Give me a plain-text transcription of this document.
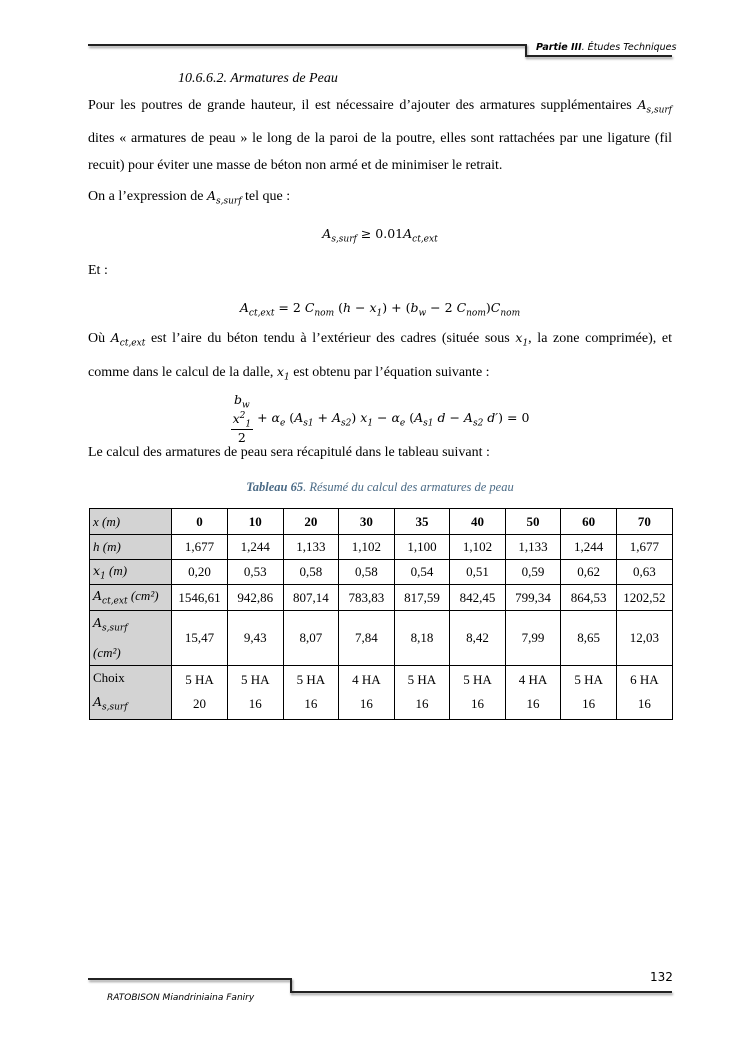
Partie III. Études Techniques
10.6.6.2. Armatures de Peau
Pour les poutres de grande hauteur, il est nécessaire d’ajouter des armatures supplémentaires $A_{s,surf}$ dites « armatures de peau » le long de la paroi de la poutre, elles sont rattachées par une ligature (fil recuit) pour éviter une masse de béton non armé et de minimiser le retrait.
On a l’expression de $A_{s,surf}$ tel que :
$A_{s,surf} \ge 0.01A_{ct,ext}$
Et :
$A_{ct,ext} = 2$ $C_{nom}$ $(h - x_1) + (b_w - 2$ $C_{nom})C_{nom}$
Où $A_{ct,ext}$ est l’aire du béton tendu à l’extérieur des cadres (située sous $x_1$, la zone comprimée), et comme dans le calcul de la dalle, $x_1$ est obtenu par l’équation suivante :
$b_w$
$x^2_1$
$2 + \alpha_e$ $(A_{s1} + A_{s2}) x_1 - \alpha_e$ ($A_{s1}$ $d - A_{s2}$ d′) = 0
Le calcul des armatures de peau sera récapitulé dans le tableau suivant :
Tableau 65. Résumé du calcul des armatures de peau
x (m)	0	10	20	30	35	40	50	60	70
h (m)	1,677	1,244	1,133	1,102	1,100	1,102	1,133	1,244	1,677
$x_1$ (m)	0,20	0,53	0,58	0,58	0,54	0,51	0,59	0,62	0,63
$A_{ct,ext}$ (cm²)	1546,61	942,86	807,14	783,83	817,59	842,45	799,34	864,53	1202,52
$A_{s,surf}$
(cm²)	15,47	9,43	8,07	7,84	8,18	8,42	7,99	8,65	12,03
Choix
$A_{s,surf}$	5 HA 20	5 HA 16	5 HA 16	4 HA 16	5 HA 16	5 HA 16	4 HA 16	5 HA 16	6 HA 16
132
RATOBISON Miandriniaina Faniry
